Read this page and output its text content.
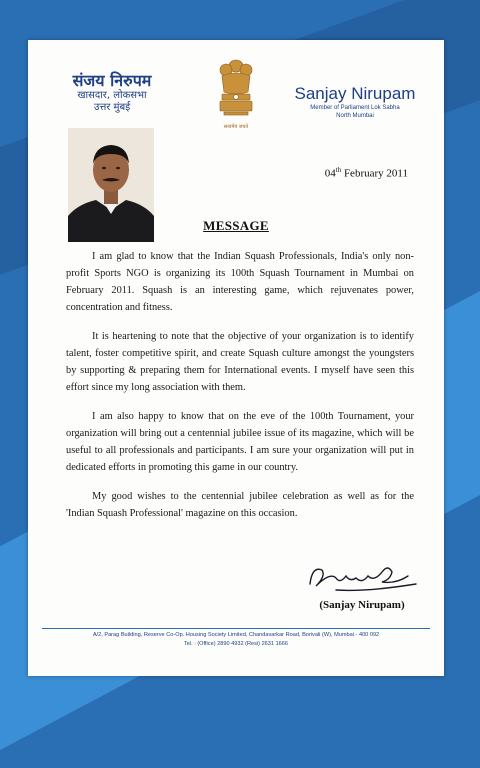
संजय निरुपम
खासदार, लोकसभा
उत्तर मुंबई
सत्यमेव जयते
Sanjay Nirupam
Member of Parliament Lok Sabha
North Mumbai
04th February 2011
MESSAGE

I am glad to know that the Indian Squash Professionals, India's only non-profit Sports NGO is organizing its 100th Squash Tournament in Mumbai on February 2011. Squash is an interesting game, which rejuvenates power, concentration and fitness.

It is heartening to note that the objective of your organization is to identify talent, foster competitive spirit, and create Squash culture amongst the youngsters by supporting & preparing them for International events. I myself have seen this effort since my long association with them.

I am also happy to know that on the eve of the 100th Tournament, your organization will bring out a centennial jubilee issue of its magazine, which will be useful to all professionals and participants. I am sure your organization will put in dedicated efforts in promoting this game in our country.

My good wishes to the centennial jubilee celebration as well as for the 'Indian Squash Professional' magazine on this occasion.

(Sanjay Nirupam)
A/2, Parag Building, Reserve Co-Op. Housing Society Limited, Chandavarkar Road, Borivali (W), Mumbai - 400 092
Tel. : (Office) 2890 4932 (Resi) 2631 1666
